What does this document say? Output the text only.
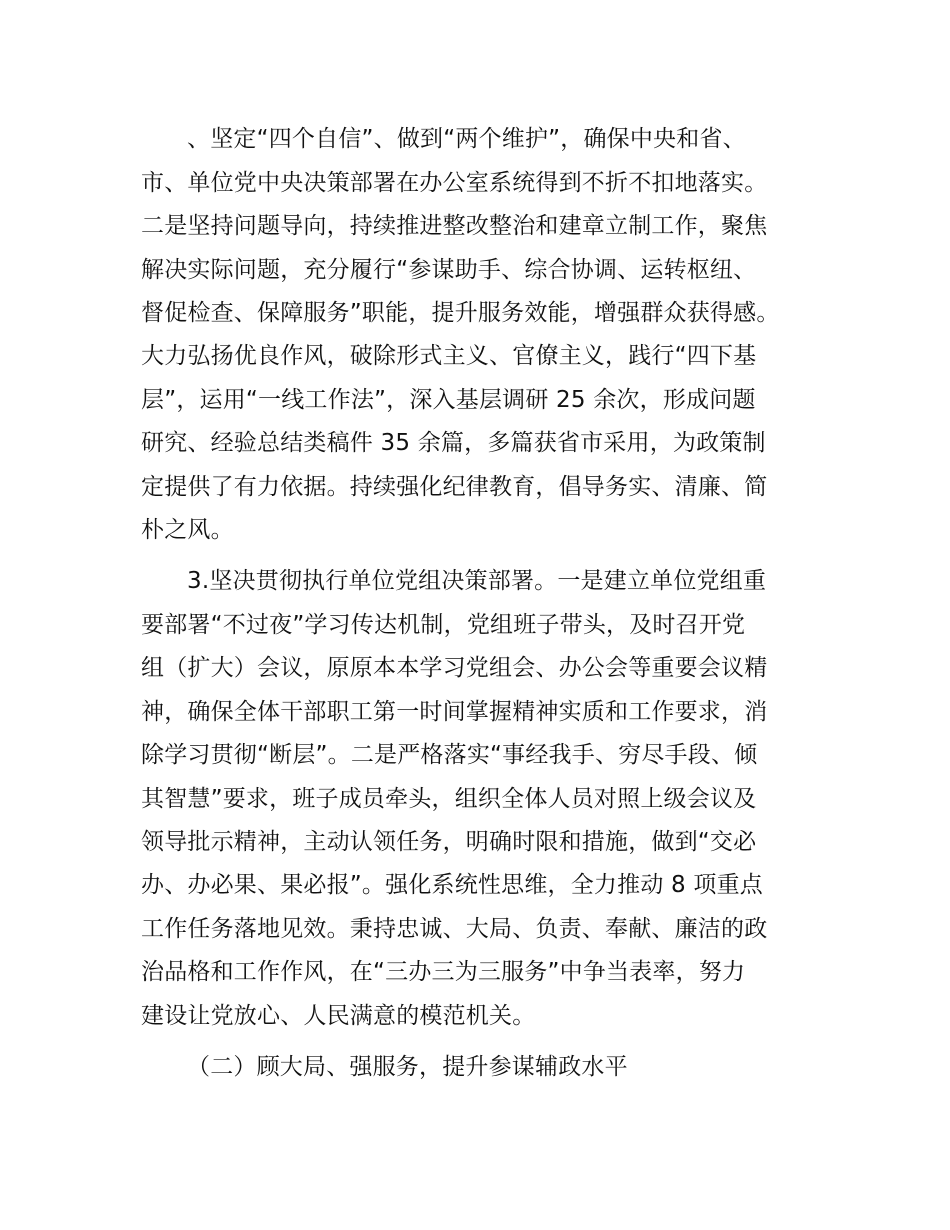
、坚定“四个自信”、做到“两个维护”，确保中央和省、
市、单位党中央决策部署在办公室系统得到不折不扣地落实。
二是坚持问题导向，持续推进整改整治和建章立制工作，聚焦
解决实际问题，充分履行“参谋助手、综合协调、运转枢纽、
督促检查、保障服务”职能，提升服务效能，增强群众获得感。
大力弘扬优良作风，破除形式主义、官僚主义，践行“四下基
层”，运用“一线工作法”，深入基层调研 25 余次，形成问题
研究、经验总结类稿件 35 余篇，多篇获省市采用，为政策制
定提供了有力依据。持续强化纪律教育，倡导务实、清廉、简
朴之风。
3.坚决贯彻执行单位党组决策部署。一是建立单位党组重
要部署“不过夜”学习传达机制，党组班子带头，及时召开党
组（扩大）会议，原原本本学习党组会、办公会等重要会议精
神，确保全体干部职工第一时间掌握精神实质和工作要求，消
除学习贯彻“断层”。二是严格落实“事经我手、穷尽手段、倾
其智慧”要求，班子成员牵头，组织全体人员对照上级会议及
领导批示精神，主动认领任务，明确时限和措施，做到“交必
办、办必果、果必报”。强化系统性思维，全力推动 8 项重点
工作任务落地见效。秉持忠诚、大局、负责、奉献、廉洁的政
治品格和工作作风，在“三办三为三服务”中争当表率，努力
建设让党放心、人民满意的模范机关。
（二）顾大局、强服务，提升参谋辅政水平
